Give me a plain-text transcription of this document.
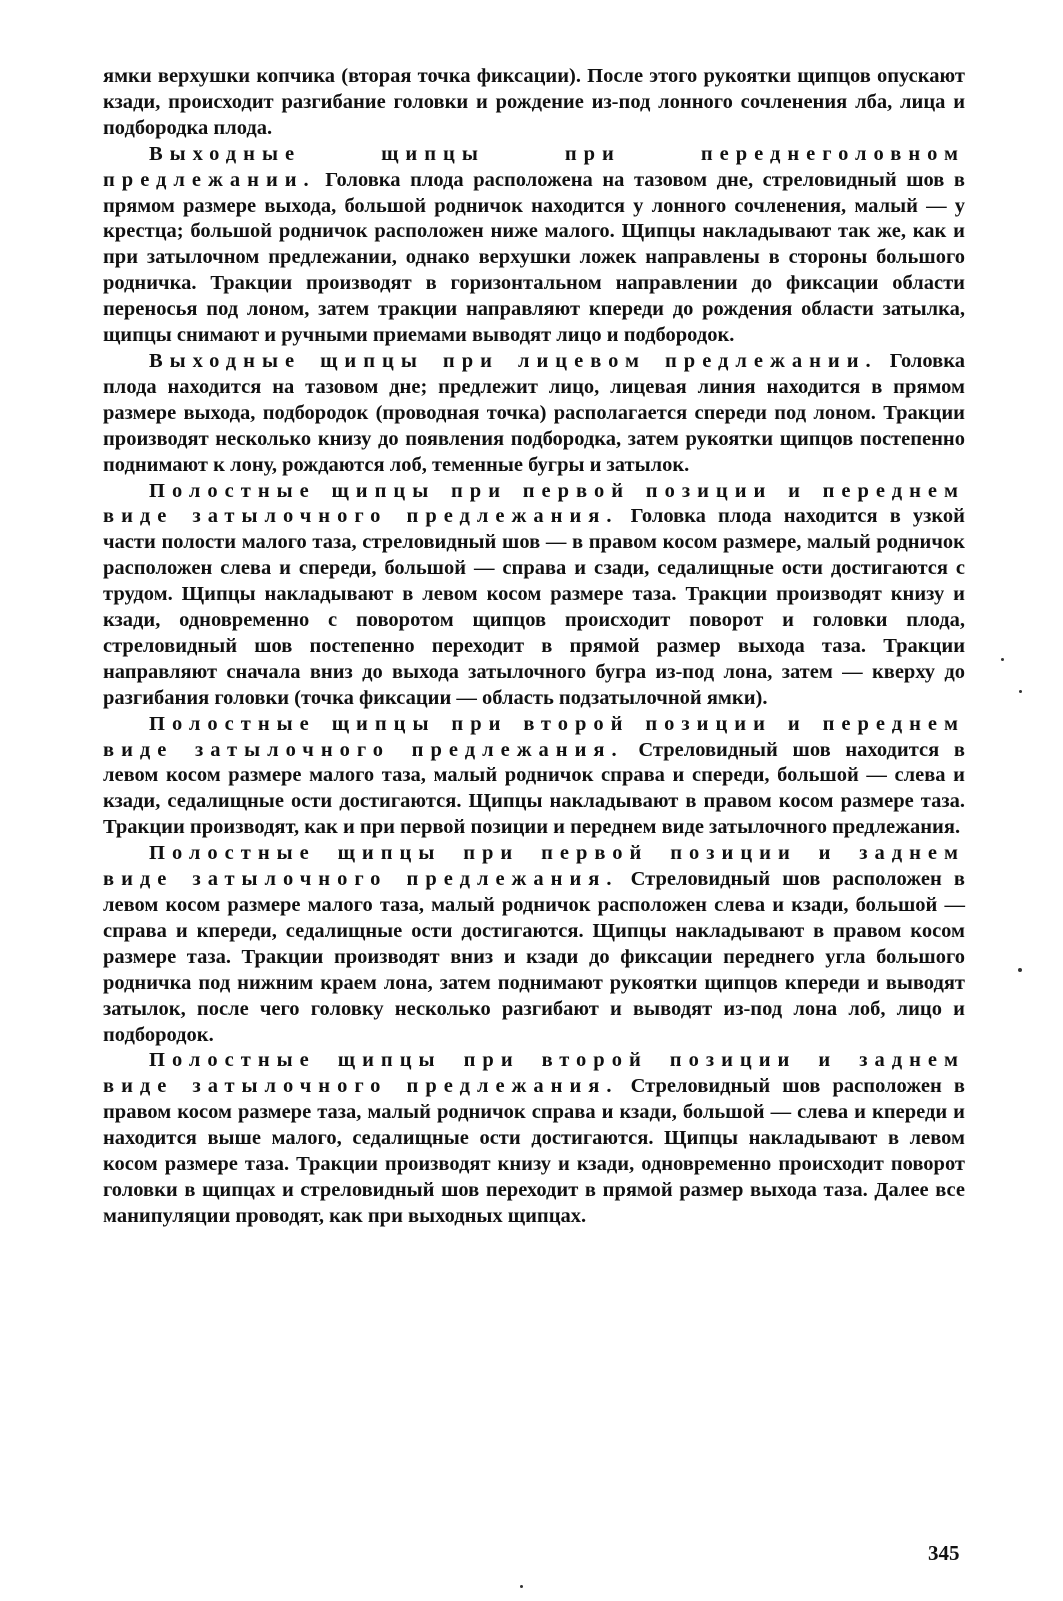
ямки верхушки копчика (вторая точка фиксации). После этого рукоятки щипцов опускают кзади, происходит разгибание головки и рождение из-под лонного сочленения лба, лица и подбородка плода.

Выходные щипцы при переднеголовном предлежании. Головка плода расположена на тазовом дне, стреловидный шов в прямом размере выхода, большой родничок находится у лонного сочленения, малый — у крестца; большой родничок расположен ниже малого. Щипцы накладывают так же, как и при затылочном предлежании, однако верхушки ложек направлены в стороны большого родничка. Тракции производят в горизонтальном направлении до фиксации области переносья под лоном, затем тракции направляют кпереди до рождения области затылка, щипцы снимают и ручными приемами выводят лицо и подбородок.

Выходные щипцы при лицевом предлежании. Головка плода находится на тазовом дне; предлежит лицо, лицевая линия находится в прямом размере выхода, подбородок (проводная точка) располагается спереди под лоном. Тракции производят несколько книзу до появления подбородка, затем рукоятки щипцов постепенно поднимают к лону, рождаются лоб, теменные бугры и затылок.

Полостные щипцы при первой позиции и переднем виде затылочного предлежания. Головка плода находится в узкой части полости малого таза, стреловидный шов — в правом косом размере, малый родничок расположен слева и спереди, большой — справа и сзади, седалищные ости достигаются с трудом. Щипцы накладывают в левом косом размере таза. Тракции производят книзу и кзади, одновременно с поворотом щипцов происходит поворот и головки плода, стреловидный шов постепенно переходит в прямой размер выхода таза. Тракции направляют сначала вниз до выхода затылочного бугра из-под лона, затем — кверху до разгибания головки (точка фиксации — область подзатылочной ямки).

Полостные щипцы при второй позиции и переднем виде затылочного предлежания. Стреловидный шов находится в левом косом размере малого таза, малый родничок справа и спереди, большой — слева и кзади, седалищные ости достигаются. Щипцы накладывают в правом косом размере таза. Тракции производят, как и при первой позиции и переднем виде затылочного предлежания.

Полостные щипцы при первой позиции и заднем виде затылочного предлежания. Стреловидный шов расположен в левом косом размере малого таза, малый родничок расположен слева и кзади, большой — справа и кпереди, седалищные ости достигаются. Щипцы накладывают в правом косом размере таза. Тракции производят вниз и кзади до фиксации переднего угла большого родничка под нижним краем лона, затем поднимают рукоятки щипцов кпереди и выводят затылок, после чего головку несколько разгибают и выводят из-под лона лоб, лицо и подбородок.

Полостные щипцы при второй позиции и заднем виде затылочного предлежания. Стреловидный шов расположен в правом косом размере таза, малый родничок справа и кзади, большой — слева и кпереди и находится выше малого, седалищные ости достигаются. Щипцы накладывают в левом косом размере таза. Тракции производят книзу и кзади, одновременно происходит поворот головки в щипцах и стреловидный шов переходит в прямой размер выхода таза. Далее все манипуляции проводят, как при выходных щипцах.

345
